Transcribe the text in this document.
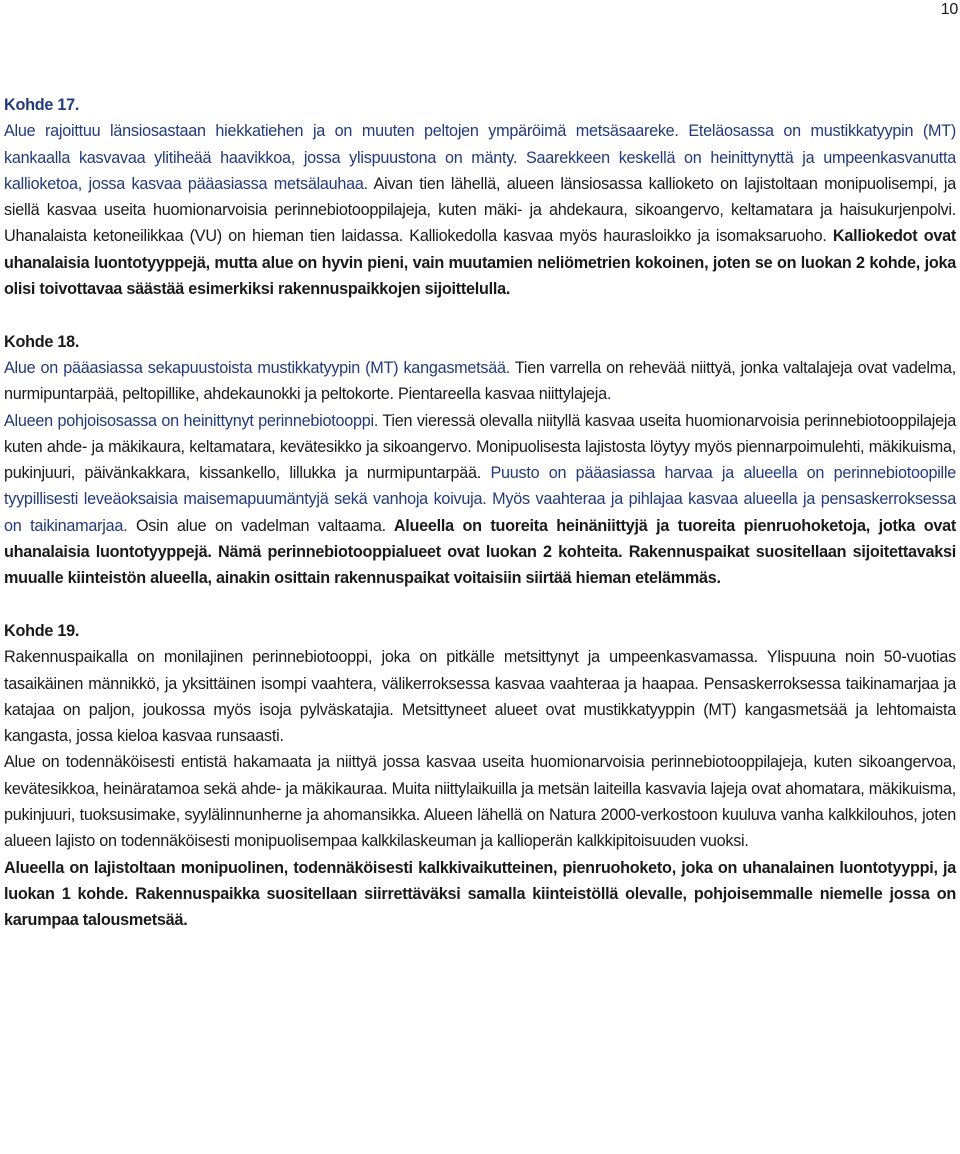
10

Kohde 17.

Alue rajoittuu länsiosastaan hiekkatiehen ja on muuten peltojen ympäröimä metsäsaareke. Eteläosassa on mustikkatyypin (MT) kankaalla kasvavaa ylitiheää haavikkoa, jossa ylispuustona on mänty. Saarekkeen keskellä on heinittynyttä ja umpeenkasvanutta kallioketoa, jossa kasvaa pääasiassa metsälauhaa. Aivan tien lähellä, alueen länsiosassa kallioketo on lajistoltaan monipuolisempi, ja siellä kasvaa useita huomionarvoisia perinnebiotooppilajeja, kuten mäki- ja ahdekaura, sikoangervo, keltamatara ja haisukurjenpolvi. Uhanalaista ketoneilikkaa (VU) on hieman tien laidassa. Kalliokedolla kasvaa myös haurasloikko ja isomaksaruoho. Kalliokedot ovat uhanalaisia luontotyyppejä, mutta alue on hyvin pieni, vain muutamien neliömetrien kokoinen, joten se on luokan 2 kohde, joka olisi toivottavaa säästää esimerkiksi rakennuspaikkojen sijoittelulla.

Kohde 18.

Alue on pääasiassa sekapuustoista mustikkatyypin (MT) kangasmetsää. Tien varrella on rehevää niittyä, jonka valtalajeja ovat vadelma, nurmipuntarpää, peltopillike, ahdekaunokki ja peltokorte. Pientareella kasvaa niittylajeja.

Alueen pohjoisosassa on heinittynyt perinnebiotooppi. Tien vieressä olevalla niityllä kasvaa useita huomionarvoisia perinnebiotooppilajeja kuten ahde- ja mäkikaura, keltamatara, kevätesikko ja sikoangervo. Monipuolisesta lajistosta löytyy myös piennarpoimulehti, mäkikuisma, pukinjuuri, päivänkakkara, kissankello, lillukka ja nurmipuntarpää. Puusto on pääasiassa harvaa ja alueella on perinnebiotoopille tyypillisesti leveäoksaisia maisemapuumäntyjä sekä vanhoja koivuja. Myös vaahteraa ja pihlajaa kasvaa alueella ja pensaskerroksessa on taikinamarjaa. Osin alue on vadelman valtaama. Alueella on tuoreita heinäniittyjä ja tuoreita pienruohoketoja, jotka ovat uhanalaisia luontotyyppejä. Nämä perinnebiotooppialueet ovat luokan 2 kohteita. Rakennuspaikat suositellaan sijoitettavaksi muualle kiinteistön alueella, ainakin osittain rakennuspaikat voitaisiin siirtää hieman etelämmäs.

Kohde 19.

Rakennuspaikalla on monilajinen perinnebiotooppi, joka on pitkälle metsittynyt ja umpeenkasvamassa. Ylispuuna noin 50-vuotias tasaikäinen männikkö, ja yksittäinen isompi vaahtera, välikerroksessa kasvaa vaahteraa ja haapaa. Pensaskerroksessa taikinamarjaa ja katajaa on paljon, joukossa myös isoja pylväskatajia. Metsittyneet alueet ovat mustikkatyyppin (MT) kangasmetsää ja lehtomaista kangasta, jossa kieloa kasvaa runsaasti.

Alue on todennäköisesti entistä hakamaata ja niittyä jossa kasvaa useita huomionarvoisia perinnebiotooppilajeja, kuten sikoangervoa, kevätesikkoa, heinäratamoa sekä ahde- ja mäkikauraa. Muita niittylaikuilla ja metsän laiteilla kasvavia lajeja ovat ahomatara, mäkikuisma, pukinjuuri, tuoksusimake, syylälinnunherne ja ahomansikka. Alueen lähellä on Natura 2000-verkostoon kuuluva vanha kalkkilouhos, joten alueen lajisto on todennäköisesti monipuolisempaa kalkkilaskeuman ja kallioperän kalkkipitoisuuden vuoksi.

Alueella on lajistoltaan monipuolinen, todennäköisesti kalkkivaikutteinen, pienruohoketo, joka on uhanalainen luontotyyppi, ja luokan 1 kohde. Rakennuspaikka suositellaan siirrettäväksi samalla kiinteistöllä olevalle, pohjoisemmalle niemelle jossa on karumpaa talousmetsää.
